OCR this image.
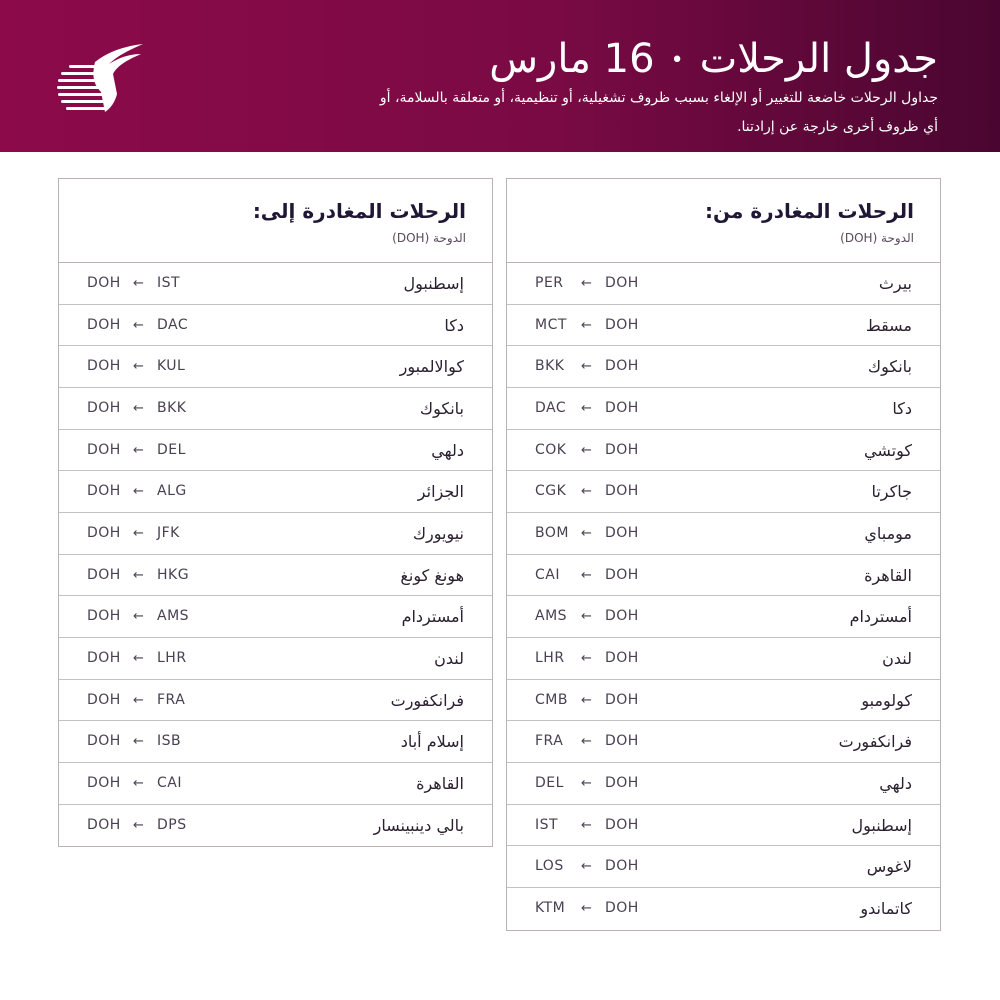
جدول الرحلات•16 مارس
جداول الرحلات خاضعة للتغيير أو الإلغاء بسبب ظروف تشغيلية، أو تنظيمية، أو متعلقة بالسلامة، أو أي ظروف أخرى خارجة عن إرادتنا.
الرحلات المغادرة من:
الدوحة (DOH)
بيرث
PER ← DOH
مسقط
MCT ← DOH
بانكوك
BKK ← DOH
دكا
DAC ← DOH
كوتشي
COK ← DOH
جاكرتا
CGK ← DOH
مومباي
BOM ← DOH
القاهرة
CAI ← DOH
أمستردام
AMS ← DOH
لندن
LHR ← DOH
كولومبو
CMB ← DOH
فرانكفورت
FRA ← DOH
دلهي
DEL ← DOH
إسطنبول
IST ← DOH
لاغوس
LOS ← DOH
كاتماندو
KTM ← DOH
الرحلات المغادرة إلى:
الدوحة (DOH)
إسطنبول
DOH ← IST
دكا
DOH ← DAC
كوالالمبور
DOH ← KUL
بانكوك
DOH ← BKK
دلهي
DOH ← DEL
الجزائر
DOH ← ALG
نيويورك
DOH ← JFK
هونغ كونغ
DOH ← HKG
أمستردام
DOH ← AMS
لندن
DOH ← LHR
فرانكفورت
DOH ← FRA
إسلام أباد
DOH ← ISB
القاهرة
DOH ← CAI
بالي دينبينسار
DOH ← DPS
